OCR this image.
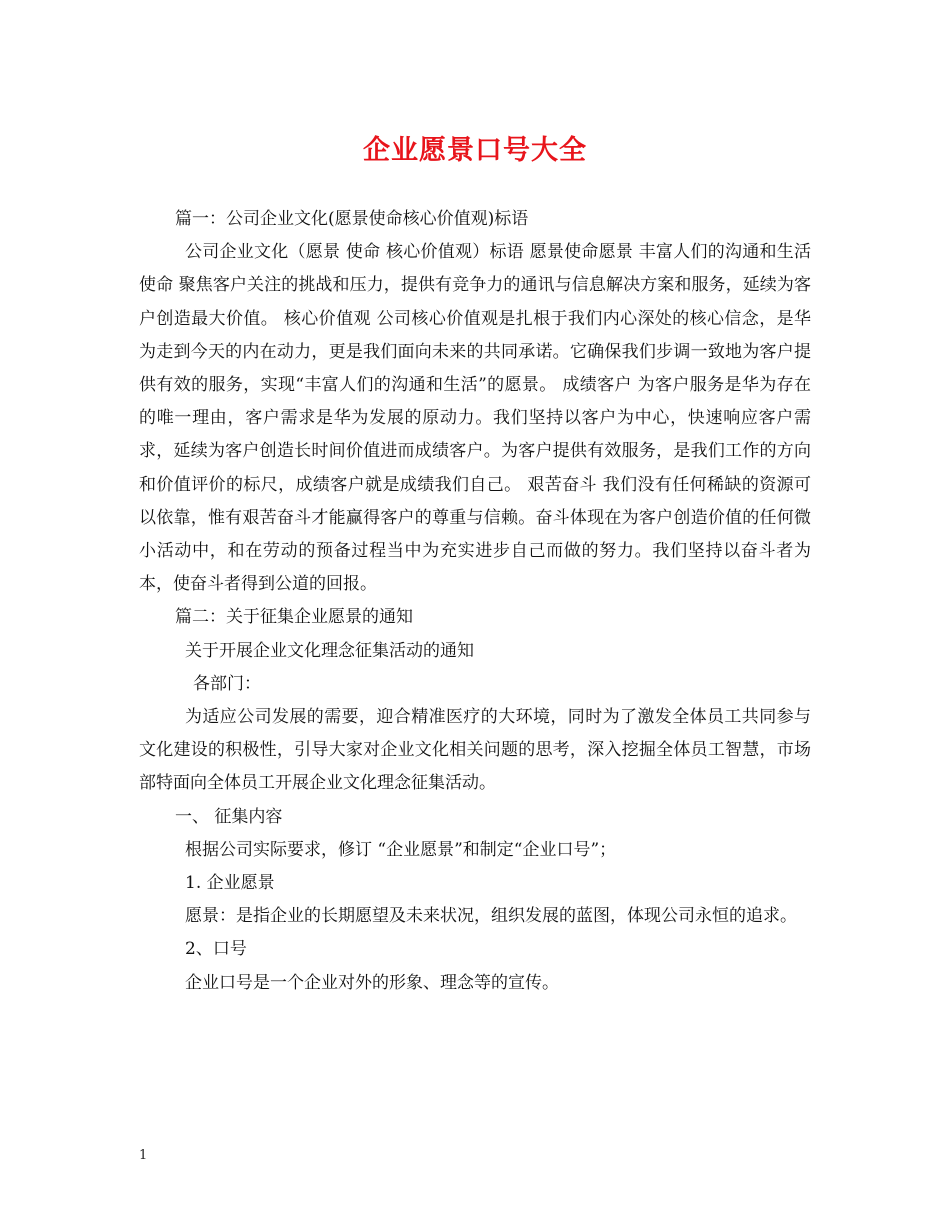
企业愿景口号大全

篇一：公司企业文化(愿景使命核心价值观)标语

公司企业文化（愿景 使命 核心价值观）标语 愿景使命愿景 丰富人们的沟通和生活 使命 聚焦客户关注的挑战和压力，提供有竞争力的通讯与信息解决方案和服务，延续为客户创造最大价值。 核心价值观 公司核心价值观是扎根于我们内心深处的核心信念，是华为走到今天的内在动力，更是我们面向未来的共同承诺。它确保我们步调一致地为客户提供有效的服务，实现“丰富人们的沟通和生活”的愿景。 成绩客户 为客户服务是华为存在的唯一理由，客户需求是华为发展的原动力。我们坚持以客户为中心，快速响应客户需求，延续为客户创造长时间价值进而成绩客户。为客户提供有效服务，是我们工作的方向和价值评价的标尺，成绩客户就是成绩我们自己。 艰苦奋斗 我们没有任何稀缺的资源可以依靠，惟有艰苦奋斗才能赢得客户的尊重与信赖。奋斗体现在为客户创造价值的任何微小活动中，和在劳动的预备过程当中为充实进步自己而做的努力。我们坚持以奋斗者为本，使奋斗者得到公道的回报。

篇二：关于征集企业愿景的通知

关于开展企业文化理念征集活动的通知

各部门：

为适应公司发展的需要，迎合精准医疗的大环境，同时为了激发全体员工共同参与文化建设的积极性，引导大家对企业文化相关问题的思考，深入挖掘全体员工智慧，市场部特面向全体员工开展企业文化理念征集活动。

一、 征集内容

根据公司实际要求，修订 “企业愿景”和制定“企业口号”；

1. 企业愿景

愿景：是指企业的长期愿望及未来状况，组织发展的蓝图，体现公司永恒的追求。

2、口号

企业口号是一个企业对外的形象、理念等的宣传。

1
